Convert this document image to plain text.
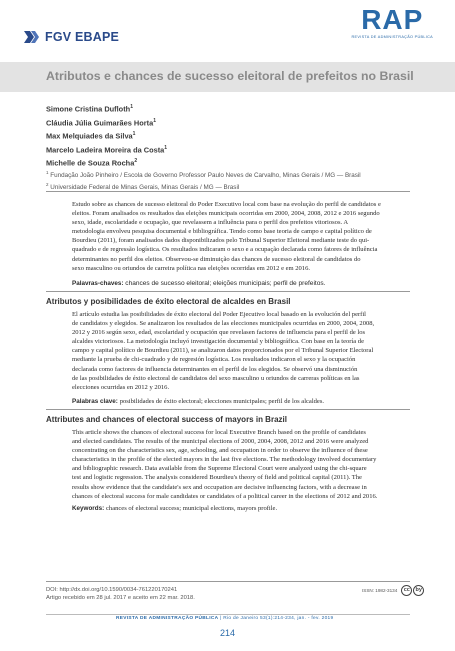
FGV EBAPE
RAP
REVISTA DE ADMINISTRAÇÃO PÚBLICA
Atributos e chances de sucesso eleitoral de prefeitos no Brasil
Simone Cristina Dufloth$^1$
Cláudia Júlia Guimarães Horta$^1$
Max Melquiades da Silva$^1$
Marcelo Ladeira Moreira da Costa$^1$
Michelle de Souza Rocha$^2$
$^1$ Fundação João Pinheiro / Escola de Governo Professor Paulo Neves de Carvalho, Minas Gerais / MG — Brasil
$^2$ Universidade Federal de Minas Gerais, Minas Gerais / MG — Brasil
Estudo sobre as chances de sucesso eleitoral do Poder Executivo local com base na evolução do perfil de candidatos e
eleitos. Foram analisados os resultados das eleições municipais ocorridas em 2000, 2004, 2008, 2012 e 2016 segundo
sexo, idade, escolaridade e ocupação, que revelassem a influência para o perfil dos prefeitos vitoriosos. A
metodologia envolveu pesquisa documental e bibliográfica. Tendo como base teoria de campo e capital político de
Bourdieu (2011), foram analisados dados disponibilizados pelo Tribunal Superior Eleitoral mediante teste do qui-
quadrado e de regressão logística. Os resultados indicaram o sexo e a ocupação declarada como fatores de influência
determinantes no perfil dos eleitos. Observou-se diminuição das chances de sucesso eleitoral de candidatos do
sexo masculino ou oriundos de carreira política nas eleições ocorridas em 2012 e em 2016.
Palavras-chaves: chances de sucesso eleitoral; eleições municipais; perfil de prefeitos.
Atributos y posibilidades de éxito electoral de alcaldes en Brasil
El artículo estudia las posibilidades de éxito electoral del Poder Ejecutivo local basado en la evolución del perfil
de candidatos y elegidos. Se analizaron los resultados de las elecciones municipales ocurridas en 2000, 2004, 2008,
2012 y 2016 según sexo, edad, escolaridad y ocupación que revelasen factores de influencia para el perfil de los
alcaldes victoriosos. La metodología incluyó investigación documental y bibliográfica. Con base en la teoría de
campo y capital político de Bourdieu (2011), se analizaron datos proporcionados por el Tribunal Superior Electoral
mediante la prueba de chi-cuadrado y de regresión logística. Los resultados indicaron el sexo y la ocupación
declarada como factores de influencia determinantes en el perfil de los elegidos. Se observó una disminución
de las posibilidades de éxito electoral de candidatos del sexo masculino u oriundos de carreras políticas en las
elecciones ocurridas en 2012 y 2016.
Palabras clave: posibilidades de éxito electoral; elecciones municipales; perfil de los alcaldes.
Attributes and chances of electoral success of mayors in Brazil
This article shows the chances of electoral success for local Executive Branch based on the profile of candidates
and elected candidates. The results of the municipal elections of 2000, 2004, 2008, 2012 and 2016 were analyzed
concentrating on the characteristics sex, age, schooling, and occupation in order to observe the influence of these
characteristics in the profile of the elected mayors in the last five elections. The methodology involved documentary
and bibliographic research. Data available from the Supreme Electoral Court were analyzed using the chi-square
test and logistic regression. The analysis considered Bourdieu's theory of field and political capital (2011). The
results show evidence that the candidate's sex and occupation are decisive influencing factors, with a decrease in
chances of electoral success for male candidates or candidates of a political career in the elections of 2012 and 2016.
Keywords: chances of electoral success; municipal elections, mayors profile.
DOI: http://dx.doi.org/10.1590/0034-761220170241
Artigo recebido em 28 jul. 2017 e aceito em 22 mar. 2018.
ISSN: 1982-3134	cc	by
REVISTA DE ADMINISTRAÇÃO PÚBLICA | Rio de Janeiro 53(1):214-234, jan. - fev. 2019
214
